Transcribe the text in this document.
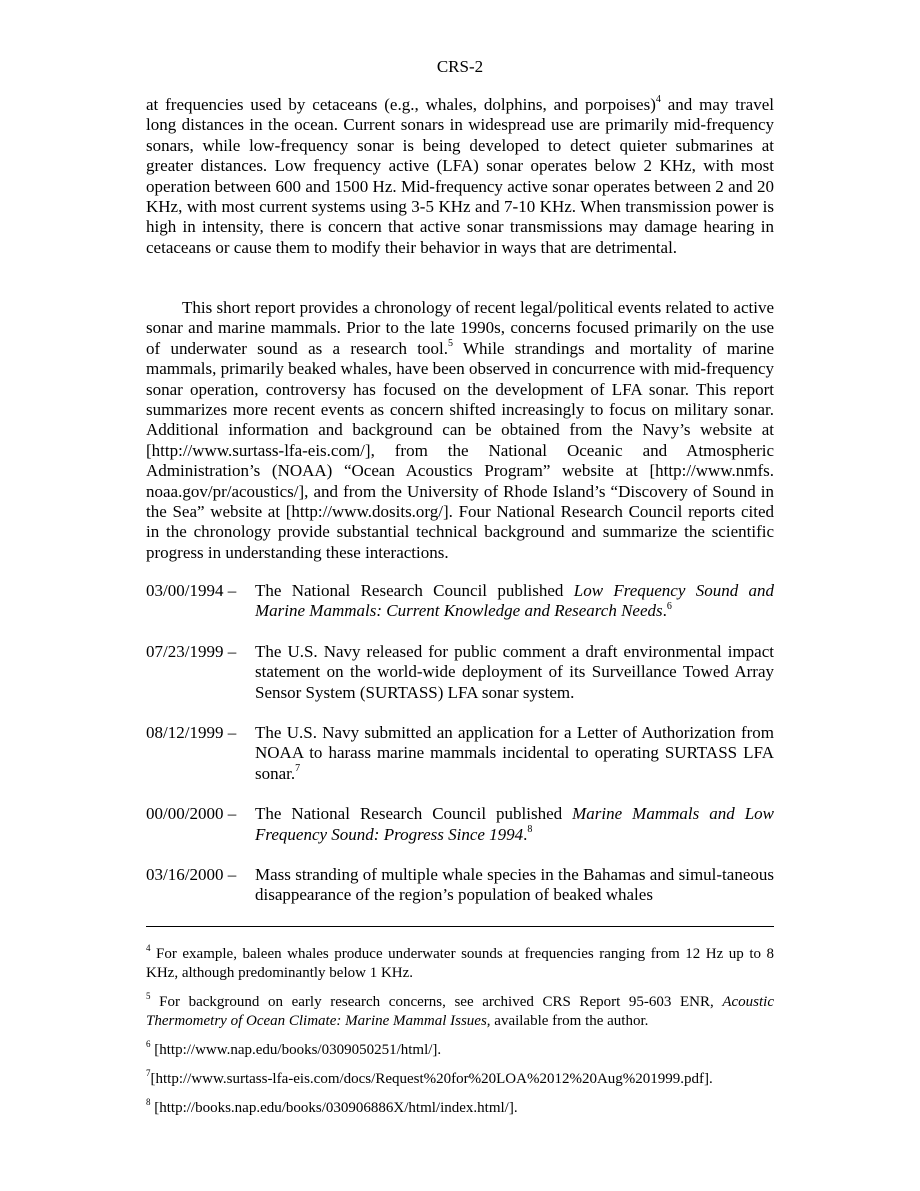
CRS-2

at frequencies used by cetaceans (e.g., whales, dolphins, and porpoises)$^4$ and may travel long distances in the ocean. Current sonars in widespread use are primarily mid-frequency sonars, while low-frequency sonar is being developed to detect quieter submarines at greater distances. Low frequency active (LFA) sonar operates below 2 KHz, with most operation between 600 and 1500 Hz. Mid-frequency active sonar operates between 2 and 20 KHz, with most current systems using 3-5 KHz and 7-10 KHz. When transmission power is high in intensity, there is concern that active sonar transmissions may damage hearing in cetaceans or cause them to modify their behavior in ways that are detrimental.

This short report provides a chronology of recent legal/political events related to active sonar and marine mammals. Prior to the late 1990s, concerns focused primarily on the use of underwater sound as a research tool.$^5$ While strandings and mortality of marine mammals, primarily beaked whales, have been observed in concurrence with mid-frequency sonar operation, controversy has focused on the development of LFA sonar. This report summarizes more recent events as concern shifted increasingly to focus on military sonar. Additional information and background can be obtained from the Navy’s website at [http://www.surtass-lfa-eis.com/], from the National Oceanic and Atmospheric Administration’s (NOAA) “Ocean Acoustics Program” website at [http://www.nmfs. noaa.gov/pr/acoustics/], and from the University of Rhode Island’s “Discovery of Sound in the Sea” website at [http://www.dosits.org/]. Four National Research Council reports cited in the chronology provide substantial technical background and summarize the scientific progress in understanding these interactions.

03/00/1994 –	The National Research Council published Low Frequency Sound and Marine Mammals: Current Knowledge and Research Needs.$^6$
07/23/1999 –	The U.S. Navy released for public comment a draft environmental impact statement on the world-wide deployment of its Surveillance Towed Array Sensor System (SURTASS) LFA sonar system.
08/12/1999 –	The U.S. Navy submitted an application for a Letter of Authorization from NOAA to harass marine mammals incidental to operating SURTASS LFA sonar.$^7$
00/00/2000 –	The National Research Council published Marine Mammals and Low Frequency Sound: Progress Since 1994.$^8$
03/16/2000 –	Mass stranding of multiple whale species in the Bahamas and simul-taneous disappearance of the region’s population of beaked whales

$^4$ For example, baleen whales produce underwater sounds at frequencies ranging from 12 Hz up to 8 KHz, although predominantly below 1 KHz.

$^5$ For background on early research concerns, see archived CRS Report 95-603 ENR, Acoustic Thermometry of Ocean Climate: Marine Mammal Issues, available from the author.

$^6$ [http://www.nap.edu/books/0309050251/html/].

$^7$[http://www.surtass-lfa-eis.com/docs/Request%20for%20LOA%2012%20Aug%201999.pdf].

$^8$ [http://books.nap.edu/books/030906886X/html/index.html/].
